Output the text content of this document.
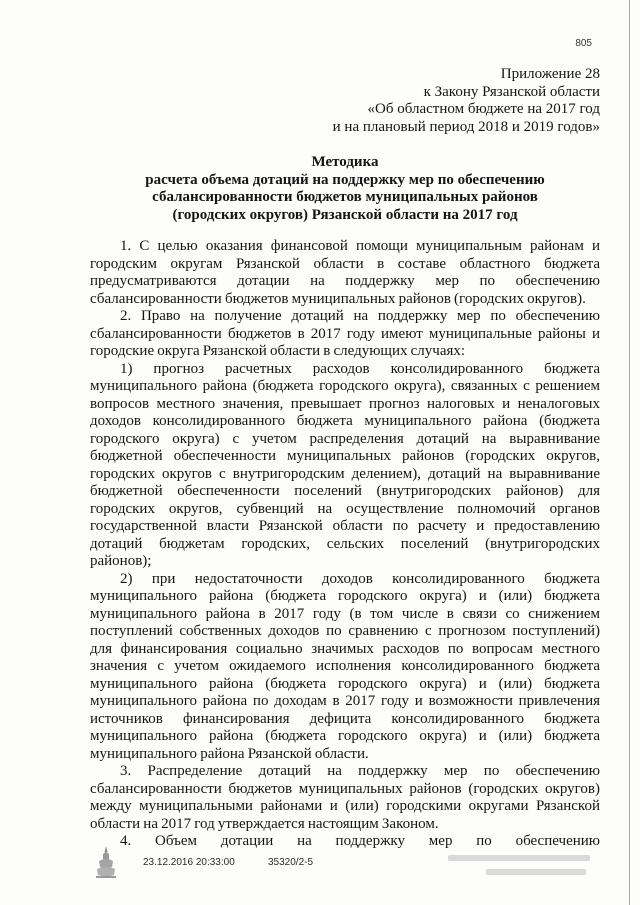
805
Приложение 28
к Закону Рязанской области
«Об областном бюджете на 2017 год
и на плановый период 2018 и 2019 годов»
Методика
расчета объема дотаций на поддержку мер по обеспечению
сбалансированности бюджетов муниципальных районов
(городских округов) Рязанской области на 2017 год
1. С целью оказания финансовой помощи муниципальным районам и
городским округам Рязанской области в составе областного бюджета
предусматриваются дотации на поддержку мер по обеспечению
сбалансированности бюджетов муниципальных районов (городских округов).
2. Право на получение дотаций на поддержку мер по обеспечению
сбалансированности бюджетов в 2017 году имеют муниципальные районы и
городские округа Рязанской области в следующих случаях:
1) прогноз расчетных расходов консолидированного бюджета
муниципального района (бюджета городского округа), связанных с решением
вопросов местного значения, превышает прогноз налоговых и неналоговых
доходов консолидированного бюджета муниципального района (бюджета
городского округа) с учетом распределения дотаций на выравнивание
бюджетной обеспеченности муниципальных районов (городских округов,
городских округов с внутригородским делением), дотаций на выравнивание
бюджетной обеспеченности поселений (внутригородских районов) для
городских округов, субвенций на осуществление полномочий органов
государственной власти Рязанской области по расчету и предоставлению
дотаций бюджетам городских, сельских поселений (внутригородских
районов);
2) при недостаточности доходов консолидированного бюджета
муниципального района (бюджета городского округа) и (или) бюджета
муниципального района в 2017 году (в том числе в связи со снижением
поступлений собственных доходов по сравнению с прогнозом поступлений)
для финансирования социально значимых расходов по вопросам местного
значения с учетом ожидаемого исполнения консолидированного бюджета
муниципального района (бюджета городского округа) и (или) бюджета
муниципального района по доходам в 2017 году и возможности привлечения
источников финансирования дефицита консолидированного бюджета
муниципального района (бюджета городского округа) и (или) бюджета
муниципального района Рязанской области.
3. Распределение дотаций на поддержку мер по обеспечению
сбалансированности бюджетов муниципальных районов (городских округов)
между муниципальными районами и (или) городскими округами Рязанской
области на 2017 год утверждается настоящим Законом.
4. Объем дотации на поддержку мер по обеспечению
23.12.2016 20:33:00	35320/2-5
